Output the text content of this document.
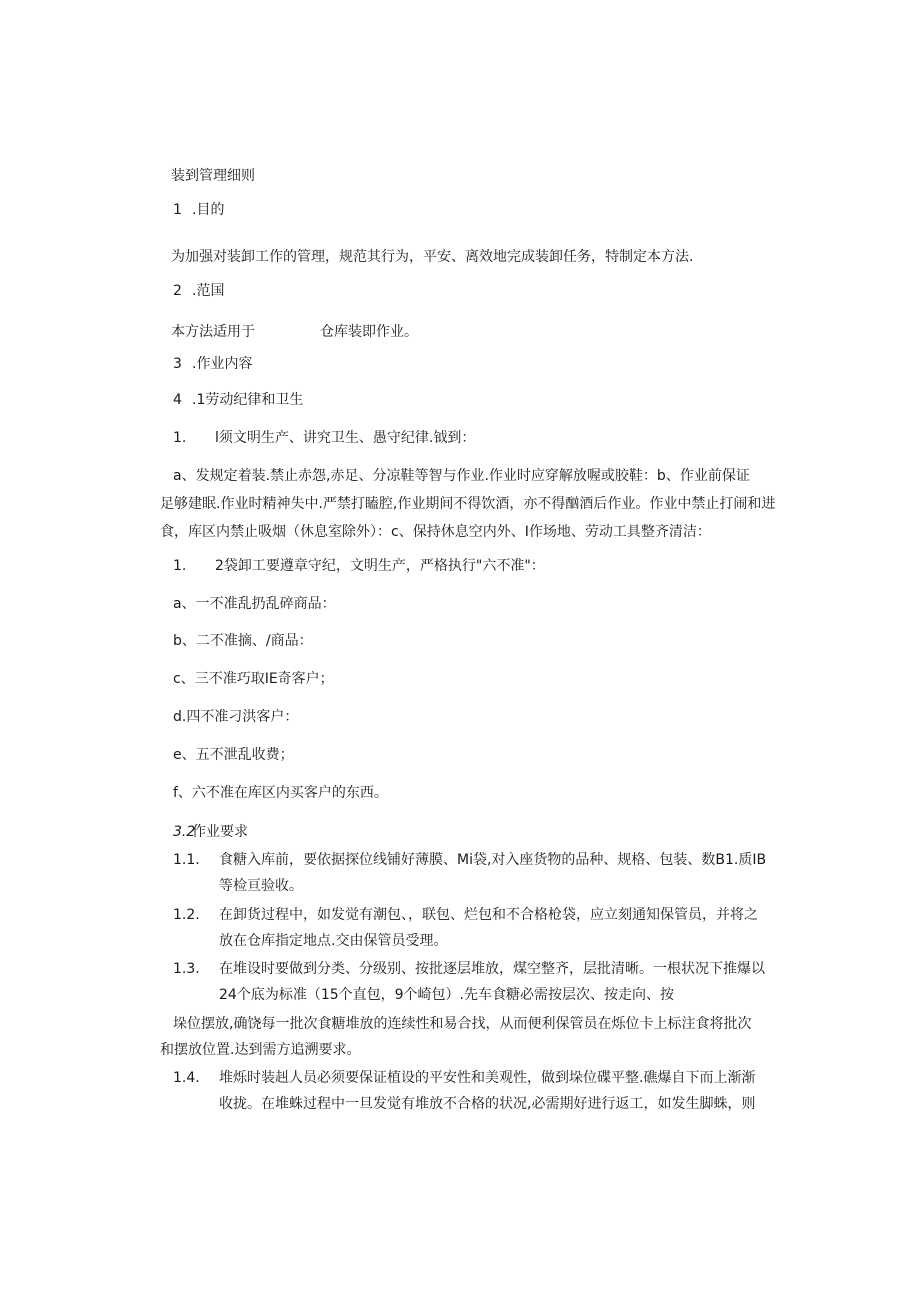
装到管理细则
1 .目的
为加强对装卸工作的管理，规范其行为，平安、离效地完成装卸任务，特制定本方法.
2 .范国
本方法适用于	仓库装即作业。
3 .作业内容
4 .1劳动纪律和卫生
1. l须文明生产、讲究卫生、愚守纪律.钺到：
a、发规定着装.禁止赤怨,赤足、分凉鞋等智与作业.作业时应穿解放喔或胶鞋：b、作业前保证
足够建眠.作业时精神失中.严禁打瞌腔,作业期间不得饮酒，亦不得酗酒后作业。作业中禁止打闹和进
食，库区内禁止吸烟（休息室除外）：c、保持休息空内外、I作场地、劳动工具整齐清洁：
1. 2袋卸工要遵章守纪，文明生产，严格执行"六不准"：
a、一不准乱扔乱碎商品：
b、二不准摘、/商品：
c、三不准巧取IE奇客户；
d.四不准刁洪客户：
e、五不泄乱收费；
f、六不准在库区内买客户的东西。
3.2
作业要求
1.1. 食糖入库前，要依据探位线铺好薄膜、Mi袋,对入座货物的品种、规格、包装、数B1.质IB
等检亘验收。
1.2. 在卸货过程中，如发觉有潮包、，联包、烂包和不合格枪袋，应立刻通知保管员，并将之
放在仓库指定地点.交由保管员受理。
1.3. 在堆设时要做到分类、分级别、按批逐层堆放，煤空整齐，层批清晰。一根状况下推爆以
24个底为标准（15个直包，9个崎包）.先车食糖必需按层次、按走向、按
垛位摆放,确饶每一批次食糖堆放的连续性和易合找，从而便利保管员在烁位卡上标注食将批次
和摆放位置.达到需方追溯要求。
1.4. 堆烁时装赳人员必须要保证植设的平安性和美观性，做到垛位碟平整.礁爆自下而上渐渐
收拢。在堆蛛过程中一旦发觉有堆放不合格的状况,必需期好进行返工，如发生脚蛛，则
